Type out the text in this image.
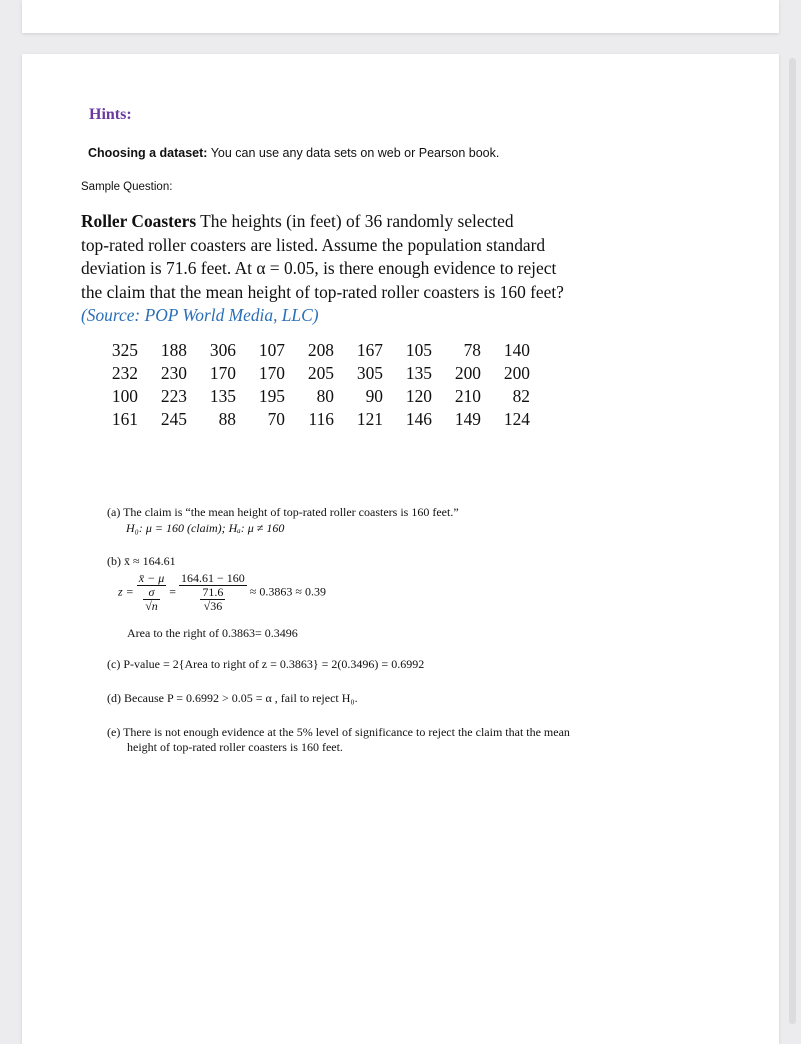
Hints:
Choosing a dataset: You can use any data sets on web or Pearson book.
Sample Question:

Roller Coasters The heights (in feet) of 36 randomly selected

top-rated roller coasters are listed. Assume the population standard

deviation is 71.6 feet. At α = 0.05, is there enough evidence to reject

the claim that the mean height of top-rated roller coasters is 160 feet?

(Source: POP World Media, LLC)

325 188 306 107 208 167 105 78 140
232 230 170 170 205 305 135 200 200
100 223 135 195 80 90 120 210 82
161 245 88 70 116 121 146 149 124
(a) The claim is “the mean height of top-rated roller coasters is 160 feet.”
H₀: μ = 160 (claim); Hₐ: μ ≠ 160
(b) x̄ ≈ 164.61
$z = \frac{x̄ - \mu}{\frac{\sigma}{√n}} = \frac{164.61 - 160}{\frac{71.6}{√36}} \approx 0.3863 \approx 0.39$
Area to the right of 0.3863= 0.3496
(c) P-value = 2{Area to right of z = 0.3863} = 2(0.3496) = 0.6992
(d) Because P = 0.6992 > 0.05 = α , fail to reject H₀.
(e) There is not enough evidence at the 5% level of significance to reject the claim that the mean
height of top-rated roller coasters is 160 feet.
